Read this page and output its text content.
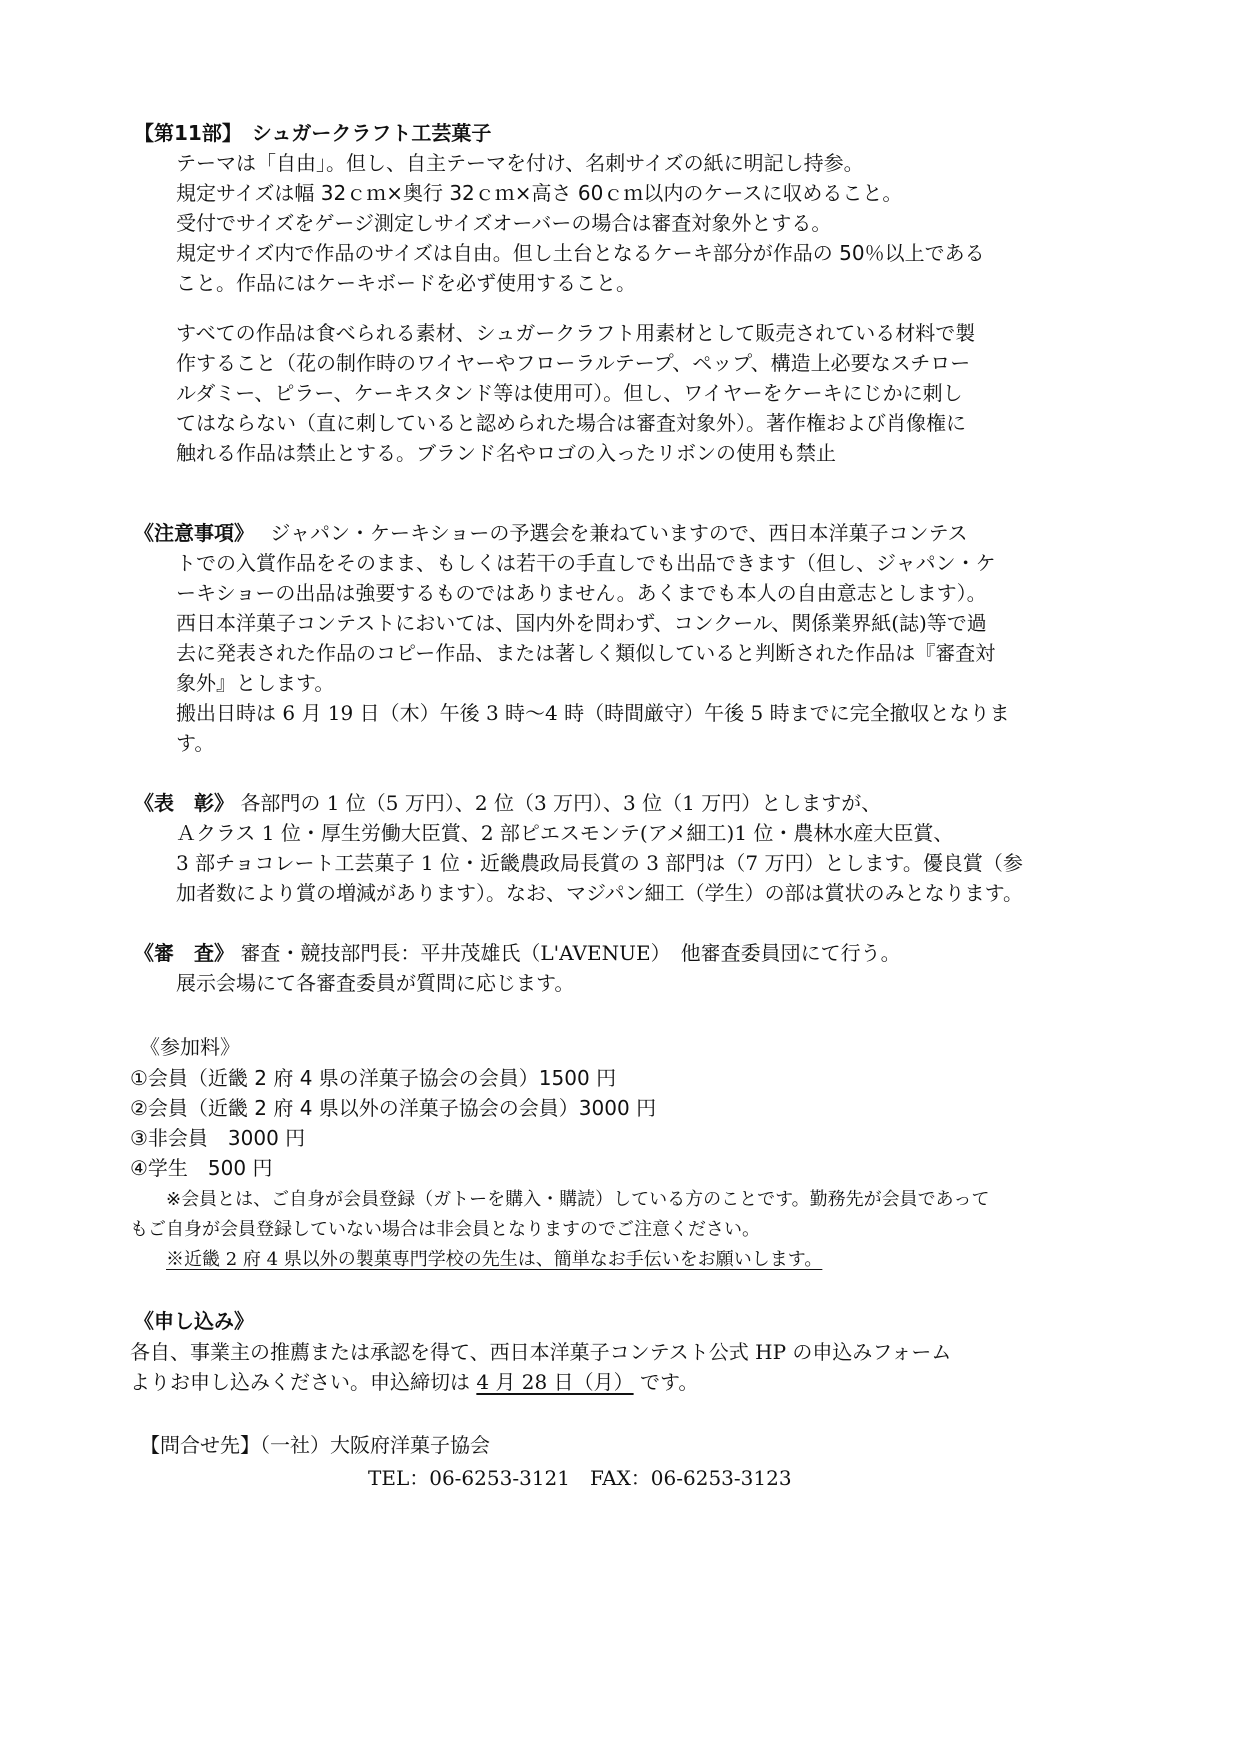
【第11部】　シュガークラフト工芸菓子
テーマは「自由」。但し、自主テーマを付け、名刺サイズの紙に明記し持参。
規定サイズは幅 32ｃｍ×奥行 32ｃｍ×高さ 60ｃｍ以内のケースに収めること。
受付でサイズをゲージ測定しサイズオーバーの場合は審査対象外とする。
規定サイズ内で作品のサイズは自由。但し土台となるケーキ部分が作品の 50％以上である
こと。作品にはケーキボードを必ず使用すること。
すべての作品は食べられる素材、シュガークラフト用素材として販売されている材料で製
作すること（花の制作時のワイヤーやフローラルテープ、ペップ、構造上必要なスチロー
ルダミー、ピラー、ケーキスタンド等は使用可）。但し、ワイヤーをケーキにじかに刺し
てはならない（直に刺していると認められた場合は審査対象外）。著作権および肖像権に
触れる作品は禁止とする。ブランド名やロゴの入ったリボンの使用も禁止
《注意事項》　 ジャパン・ケーキショーの予選会を兼ねていますので、西日本洋菓子コンテス
トでの入賞作品をそのまま、もしくは若干の手直しでも出品できます（但し、ジャパン・ケ
ーキショーの出品は強要するものではありません。あくまでも本人の自由意志とします）。
西日本洋菓子コンテストにおいては、国内外を問わず、コンクール、関係業界紙(誌)等で過
去に発表された作品のコピー作品、または著しく類似していると判断された作品は『審査対
象外』とします。
搬出日時は 6 月 19 日（木）午後 3 時～4 時（時間厳守）午後 5 時までに完全撤収となりま
す。
《表　彰》 各部門の 1 位（5 万円）、2 位（3 万円）、3 位（1 万円）としますが、
Ａクラス 1 位・厚生労働大臣賞、2 部ピエスモンテ(アメ細工)1 位・農林水産大臣賞、
3 部チョコレート工芸菓子 1 位・近畿農政局長賞の 3 部門は（7 万円）とします。優良賞（参
加者数により賞の増減があります）。なお、マジパン細工（学生）の部は賞状のみとなります。
《審　査》 審査・競技部門長：平井茂雄氏（L'AVENUE）　他審査委員団にて行う。
展示会場にて各審査委員が質問に応じます。
《参加料》
①会員（近畿 2 府 4 県の洋菓子協会の会員）1500 円
②会員（近畿 2 府 4 県以外の洋菓子協会の会員）3000 円
③非会員　3000 円
④学生　500 円
※会員とは、ご自身が会員登録（ガトーを購入・購読）している方のことです。勤務先が会員であって
もご自身が会員登録していない場合は非会員となりますのでご注意ください。
※近畿 2 府 4 県以外の製菓専門学校の先生は、簡単なお手伝いをお願いします。
《申し込み》
各自、事業主の推薦または承認を得て、西日本洋菓子コンテスト公式 HP の申込みフォーム
よりお申し込みください。申込締切は 4 月 28 日（月） です。
【問合せ先】（一社）大阪府洋菓子協会
TEL：06-6253-3121　FAX：06-6253-3123
